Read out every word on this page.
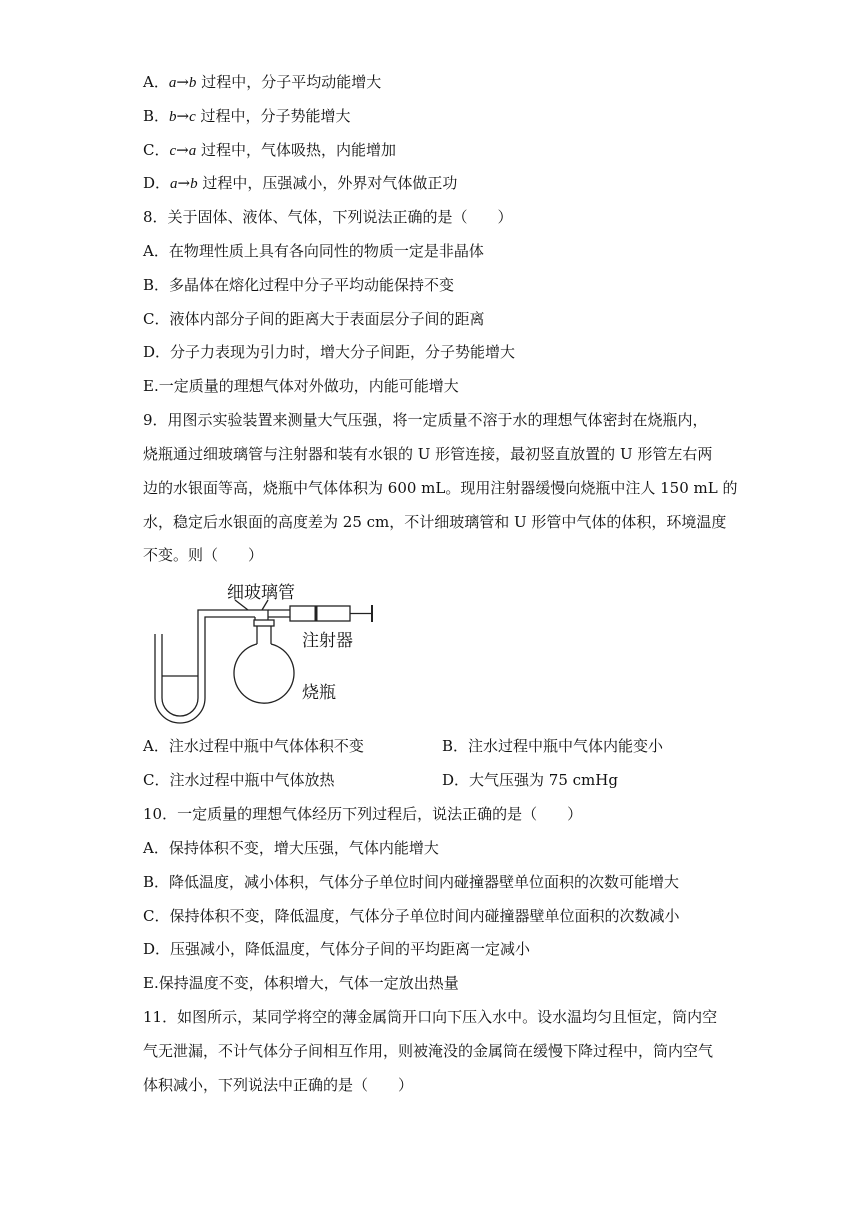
A．a→b 过程中，分子平均动能增大
B．b→c 过程中，分子势能增大
C．c→a 过程中，气体吸热，内能增加
D．a→b 过程中，压强减小，外界对气体做正功
8．关于固体、液体、气体，下列说法正确的是（　　）
A．在物理性质上具有各向同性的物质一定是非晶体
B．多晶体在熔化过程中分子平均动能保持不变
C．液体内部分子间的距离大于表面层分子间的距离
D．分子力表现为引力时，增大分子间距，分子势能增大
E.一定质量的理想气体对外做功，内能可能增大
9．用图示实验装置来测量大气压强，将一定质量不溶于水的理想气体密封在烧瓶内，
烧瓶通过细玻璃管与注射器和装有水银的 U 形管连接，最初竖直放置的 U 形管左右两
边的水银面等高，烧瓶中气体体积为 600 mL。现用注射器缓慢向烧瓶中注人 150 mL 的
水，稳定后水银面的高度差为 25 cm，不计细玻璃管和 U 形管中气体的体积，环境温度
不变。则（　　）
细玻璃管
注射器
烧瓶
A．注水过程中瓶中气体体积不变	B．注水过程中瓶中气体内能变小
C．注水过程中瓶中气体放热	D．大气压强为 75 cmHg
10．一定质量的理想气体经历下列过程后，说法正确的是（　　）
A．保持体积不变，增大压强，气体内能增大
B．降低温度，减小体积，气体分子单位时间内碰撞器壁单位面积的次数可能增大
C．保持体积不变，降低温度，气体分子单位时间内碰撞器壁单位面积的次数减小
D．压强减小，降低温度，气体分子间的平均距离一定减小
E.保持温度不变，体积增大，气体一定放出热量
11．如图所示，某同学将空的薄金属筒开口向下压入水中。设水温均匀且恒定，筒内空
气无泄漏，不计气体分子间相互作用，则被淹没的金属筒在缓慢下降过程中，筒内空气
体积减小，下列说法中正确的是（　　）
